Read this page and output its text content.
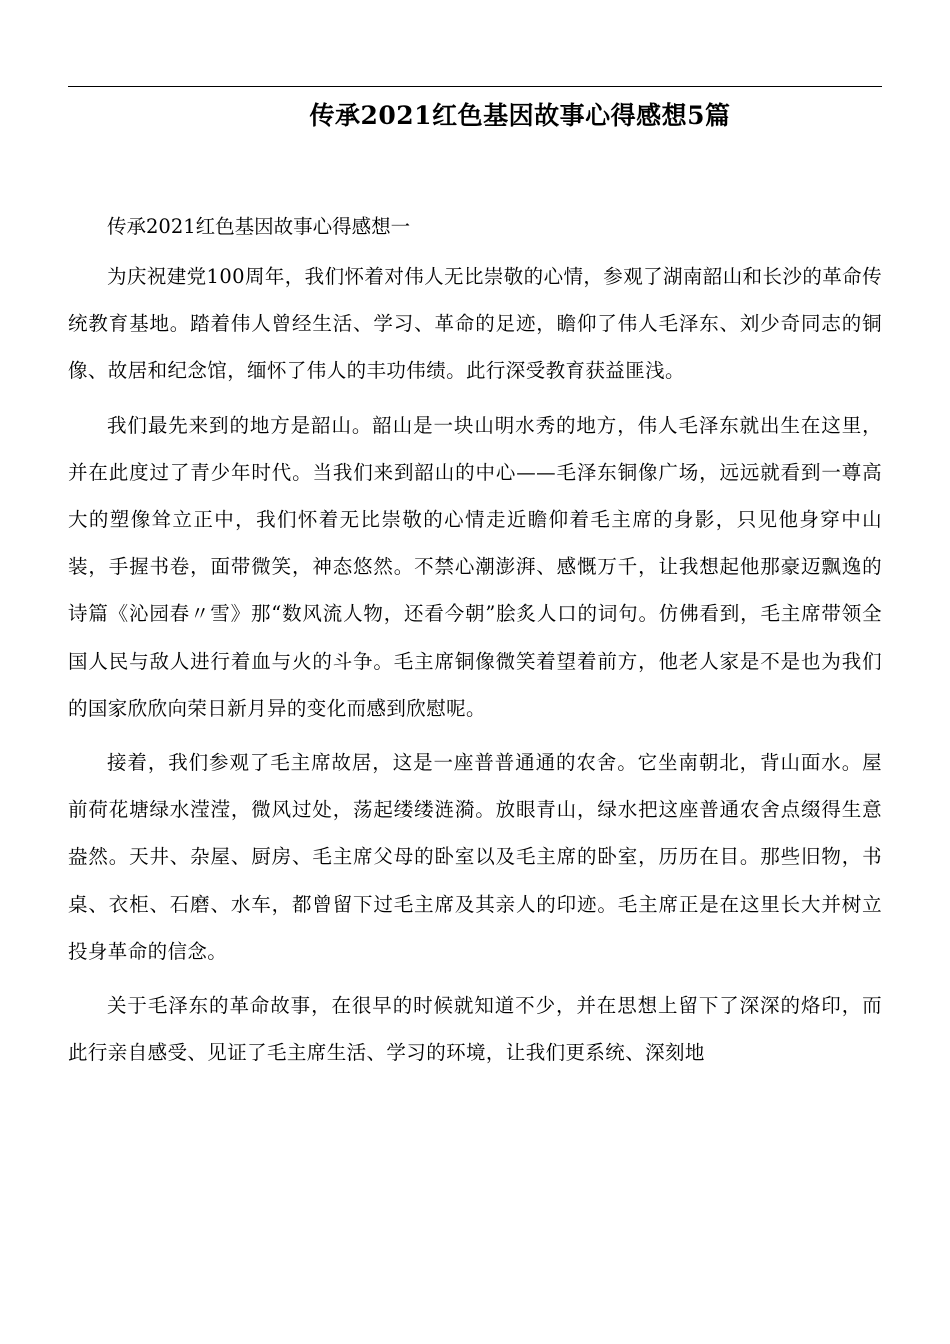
传承2021红色基因故事心得感想5篇

传承2021红色基因故事心得感想一

为庆祝建党100周年，我们怀着对伟人无比崇敬的心情，参观了湖南韶山和长沙的革命传统教育基地。踏着伟人曾经生活、学习、革命的足迹，瞻仰了伟人毛泽东、刘少奇同志的铜像、故居和纪念馆，缅怀了伟人的丰功伟绩。此行深受教育获益匪浅。

我们最先来到的地方是韶山。韶山是一块山明水秀的地方，伟人毛泽东就出生在这里，并在此度过了青少年时代。当我们来到韶山的中心——毛泽东铜像广场，远远就看到一尊高大的塑像耸立正中，我们怀着无比崇敬的心情走近瞻仰着毛主席的身影，只见他身穿中山装，手握书卷，面带微笑，神态悠然。不禁心潮澎湃、感慨万千，让我想起他那豪迈飘逸的诗篇《沁园春〃雪》那“数风流人物，还看今朝”脍炙人口的词句。仿佛看到，毛主席带领全国人民与敌人进行着血与火的斗争。毛主席铜像微笑着望着前方，他老人家是不是也为我们的国家欣欣向荣日新月异的变化而感到欣慰呢。

接着，我们参观了毛主席故居，这是一座普普通通的农舍。它坐南朝北，背山面水。屋前荷花塘绿水滢滢，微风过处，荡起缕缕涟漪。放眼青山，绿水把这座普通农舍点缀得生意盎然。天井、杂屋、厨房、毛主席父母的卧室以及毛主席的卧室，历历在目。那些旧物，书桌、衣柜、石磨、水车，都曾留下过毛主席及其亲人的印迹。毛主席正是在这里长大并树立投身革命的信念。

关于毛泽东的革命故事，在很早的时候就知道不少，并在思想上留下了深深的烙印，而此行亲自感受、见证了毛主席生活、学习的环境，让我们更系统、深刻地
